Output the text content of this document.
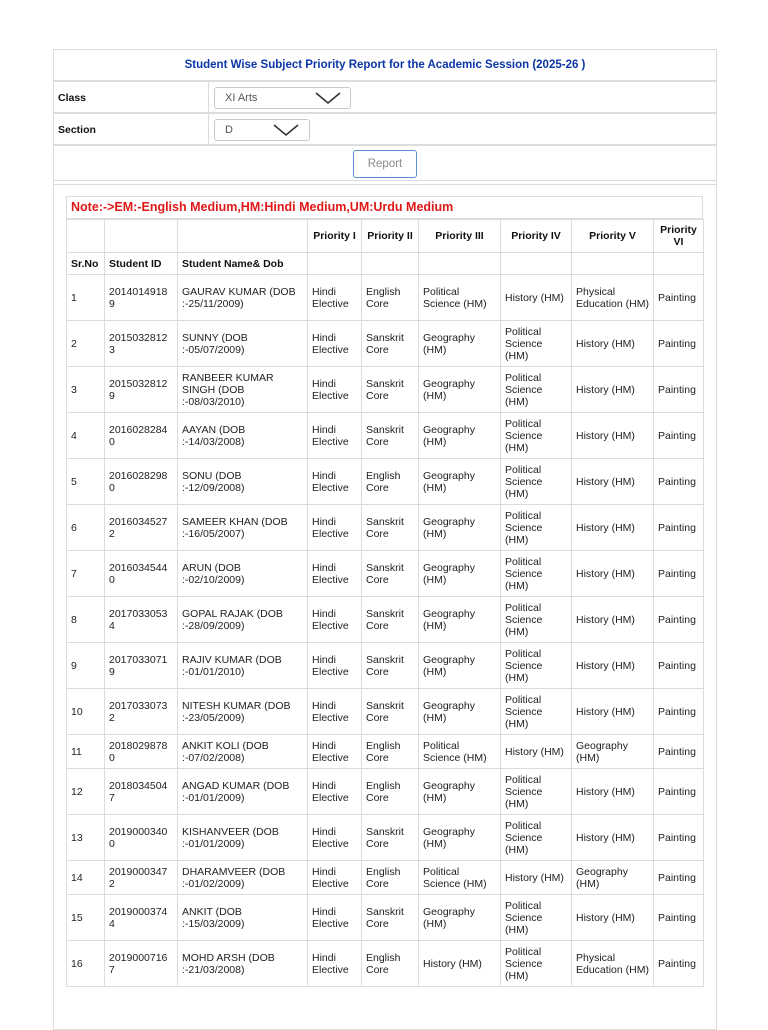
Student Wise Subject Priority Report for the Academic Session (2025-26 )
Class	XI Arts
Section	D
Report
Note:->EM:-English Medium,HM:Hindi Medium,UM:Urdu Medium
			Priority I	Priority II	Priority III	Priority IV	Priority V	Priority VI
Sr.No	Student ID	Student Name& Dob						
1	20140149189	GAURAV KUMAR (DOB :-25/11/2009)	Hindi Elective	English Core	Political Science (HM)	History (HM)	Physical Education (HM)	Painting
2	20150328123	SUNNY (DOB :-05/07/2009)	Hindi Elective	Sanskrit Core	Geography (HM)	Political Science (HM)	History (HM)	Painting
3	20150328129	RANBEER KUMAR SINGH (DOB :-08/03/2010)	Hindi Elective	Sanskrit Core	Geography (HM)	Political Science (HM)	History (HM)	Painting
4	20160282840	AAYAN (DOB :-14/03/2008)	Hindi Elective	Sanskrit Core	Geography (HM)	Political Science (HM)	History (HM)	Painting
5	20160282980	SONU (DOB :-12/09/2008)	Hindi Elective	English Core	Geography (HM)	Political Science (HM)	History (HM)	Painting
6	20160345272	SAMEER KHAN (DOB :-16/05/2007)	Hindi Elective	Sanskrit Core	Geography (HM)	Political Science (HM)	History (HM)	Painting
7	20160345440	ARUN (DOB :-02/10/2009)	Hindi Elective	Sanskrit Core	Geography (HM)	Political Science (HM)	History (HM)	Painting
8	20170330534	GOPAL RAJAK (DOB :-28/09/2009)	Hindi Elective	Sanskrit Core	Geography (HM)	Political Science (HM)	History (HM)	Painting
9	20170330719	RAJIV KUMAR (DOB :-01/01/2010)	Hindi Elective	Sanskrit Core	Geography (HM)	Political Science (HM)	History (HM)	Painting
10	20170330732	NITESH KUMAR (DOB :-23/05/2009)	Hindi Elective	Sanskrit Core	Geography (HM)	Political Science (HM)	History (HM)	Painting
11	20180298780	ANKIT KOLI (DOB :-07/02/2008)	Hindi Elective	English Core	Political Science (HM)	History (HM)	Geography (HM)	Painting
12	20180345047	ANGAD KUMAR (DOB :-01/01/2009)	Hindi Elective	English Core	Geography (HM)	Political Science (HM)	History (HM)	Painting
13	20190003400	KISHANVEER (DOB :-01/01/2009)	Hindi Elective	Sanskrit Core	Geography (HM)	Political Science (HM)	History (HM)	Painting
14	20190003472	DHARAMVEER (DOB :-01/02/2009)	Hindi Elective	English Core	Political Science (HM)	History (HM)	Geography (HM)	Painting
15	20190003744	ANKIT (DOB :-15/03/2009)	Hindi Elective	Sanskrit Core	Geography (HM)	Political Science (HM)	History (HM)	Painting
16	20190007167	MOHD ARSH (DOB :-21/03/2008)	Hindi Elective	English Core	History (HM)	Political Science (HM)	Physical Education (HM)	Painting
